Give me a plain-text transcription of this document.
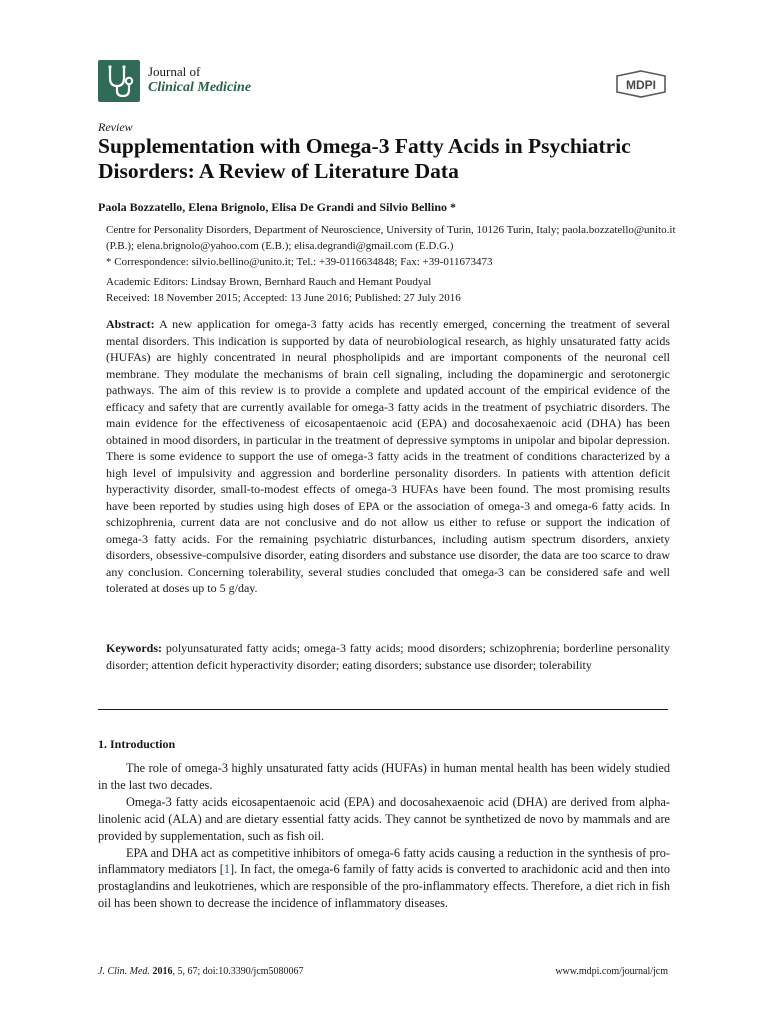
Journal of
Clinical Medicine	MDPI
Review
Supplementation with Omega-3 Fatty Acids in Psychiatric Disorders: A Review of Literature Data
Paola Bozzatello, Elena Brignolo, Elisa De Grandi and Silvio Bellino *
Centre for Personality Disorders, Department of Neuroscience, University of Turin, 10126 Turin, Italy; paola.bozzatello@unito.it (P.B.); elena.brignolo@yahoo.com (E.B.); elisa.degrandi@gmail.com (E.D.G.)
* Correspondence: silvio.bellino@unito.it; Tel.: +39-0116634848; Fax: +39-011673473
Academic Editors: Lindsay Brown, Bernhard Rauch and Hemant Poudyal
Received: 18 November 2015; Accepted: 13 June 2016; Published: 27 July 2016
Abstract: A new application for omega-3 fatty acids has recently emerged, concerning the treatment of several mental disorders. This indication is supported by data of neurobiological research, as highly unsaturated fatty acids (HUFAs) are highly concentrated in neural phospholipids and are important components of the neuronal cell membrane. They modulate the mechanisms of brain cell signaling, including the dopaminergic and serotonergic pathways. The aim of this review is to provide a complete and updated account of the empirical evidence of the efficacy and safety that are currently available for omega-3 fatty acids in the treatment of psychiatric disorders. The main evidence for the effectiveness of eicosapentaenoic acid (EPA) and docosahexaenoic acid (DHA) has been obtained in mood disorders, in particular in the treatment of depressive symptoms in unipolar and bipolar depression. There is some evidence to support the use of omega-3 fatty acids in the treatment of conditions characterized by a high level of impulsivity and aggression and borderline personality disorders. In patients with attention deficit hyperactivity disorder, small-to-modest effects of omega-3 HUFAs have been found. The most promising results have been reported by studies using high doses of EPA or the association of omega-3 and omega-6 fatty acids. In schizophrenia, current data are not conclusive and do not allow us either to refuse or support the indication of omega-3 fatty acids. For the remaining psychiatric disturbances, including autism spectrum disorders, anxiety disorders, obsessive-compulsive disorder, eating disorders and substance use disorder, the data are too scarce to draw any conclusion. Concerning tolerability, several studies concluded that omega-3 can be considered safe and well tolerated at doses up to 5 g/day.
Keywords: polyunsaturated fatty acids; omega-3 fatty acids; mood disorders; schizophrenia; borderline personality disorder; attention deficit hyperactivity disorder; eating disorders; substance use disorder; tolerability
1. Introduction

The role of omega-3 highly unsaturated fatty acids (HUFAs) in human mental health has been widely studied in the last two decades.

Omega-3 fatty acids eicosapentaenoic acid (EPA) and docosahexaenoic acid (DHA) are derived from alpha-linolenic acid (ALA) and are dietary essential fatty acids. They cannot be synthetized de novo by mammals and are provided by supplementation, such as fish oil.

EPA and DHA act as competitive inhibitors of omega-6 fatty acids causing a reduction in the synthesis of pro-inflammatory mediators [1]. In fact, the omega-6 family of fatty acids is converted to arachidonic acid and then into prostaglandins and leukotrienes, which are responsible of the pro-inflammatory effects. Therefore, a diet rich in fish oil has been shown to decrease the incidence of inflammatory diseases.

J. Clin. Med. 2016, 5, 67; doi:10.3390/jcm5080067	www.mdpi.com/journal/jcm
